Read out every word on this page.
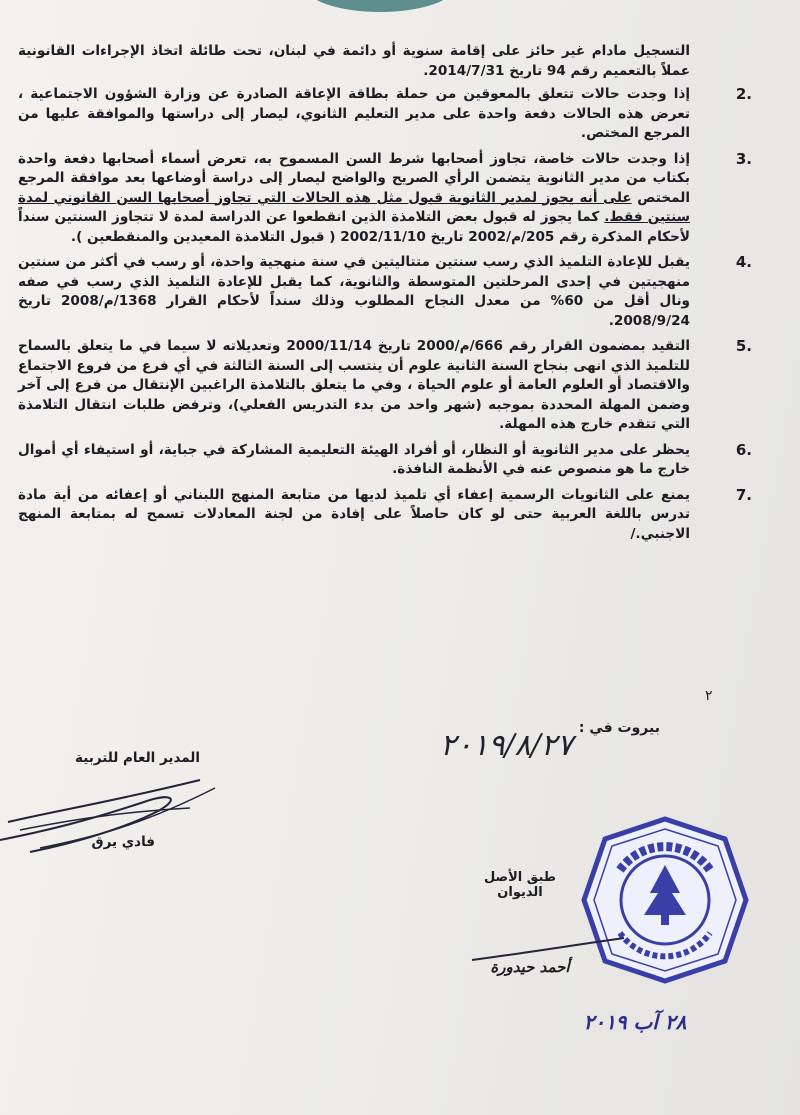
التسجيل مادام غير حائز على إقامة سنوية أو دائمة في لبنان، تحت طائلة اتخاذ الإجراءات القانونية عملاً بالتعميم رقم 94 تاريخ 2014/7/31.

2.
إذا وجدت حالات تتعلق بالمعوقين من حملة بطاقة الإعاقة الصادرة عن وزارة الشؤون الاجتماعية ، تعرض هذه الحالات دفعة واحدة على مدير التعليم الثانوي، ليصار إلى دراستها والموافقة عليها من المرجع المختص.
3.
إذا وجدت حالات خاصة، تجاوز أصحابها شرط السن المسموح به، تعرض أسماء أصحابها دفعة واحدة بكتاب من مدير الثانوية يتضمن الرأي الصريح والواضح ليصار إلى دراسة أوضاعها بعد موافقة المرجع المختص على أنه يجوز لمدير الثانوية قبول مثل هذه الحالات التي تجاوز أصحابها السن القانوني لمدة سنتين فقط. كما يجوز له قبول بعض التلامذة الذين انقطعوا عن الدراسة لمدة لا تتجاوز السنتين سنداً لأحكام المذكرة رقم 205/م/2002 تاريخ 2002/11/10 ( قبول التلامذة المعيدين والمنقطعين ).
4.
يقبل للإعادة التلميذ الذي رسب سنتين متتاليتين في سنة منهجية واحدة، أو رسب في أكثر من سنتين منهجيتين في إحدى المرحلتين المتوسطة والثانوية، كما يقبل للإعادة التلميذ الذي رسب في صفه ونال أقل من 60% من معدل النجاح المطلوب وذلك سنداً لأحكام القرار 1368/م/2008 تاريخ 2008/9/24.
5.
التقيد بمضمون القرار رقم 666/م/2000 تاريخ 2000/11/14 وتعديلاته لا سيما في ما يتعلق بالسماح للتلميذ الذي انهى بنجاح السنة الثانية علوم أن ينتسب إلى السنة الثالثة في أي فرع من فروع الاجتماع والاقتصاد أو العلوم العامة أو علوم الحياة ، وفي ما يتعلق بالتلامذة الراغبين الإنتقال من فرع إلى آخر وضمن المهلة المحددة بموجبه (شهر واحد من بدء التدريس الفعلي)، وترفض طلبات انتقال التلامذة التي تتقدم خارج هذه المهلة.
6.
يحظر على مدير الثانوية أو النظار، أو أفراد الهيئة التعليمية المشاركة في جباية، أو استيفاء أي أموال خارج ما هو منصوص عنه في الأنظمة النافذة.
7.
يمنع على الثانويات الرسمية إعفاء أي تلميذ لديها من متابعة المنهج اللبناني أو إعفائه من أية مادة تدرس باللغة العربية حتى لو كان حاصلاً على إفادة من لجنة المعادلات تسمح له بمتابعة المنهج الاجنبي./
٢
بيروت في :
٢٠١٩/٨/٢٧
المدير العام للتربية
فادي يرق
طبق الأصل
الديوان
أحمد حيدورة
٢٨ آب ٢٠١٩
